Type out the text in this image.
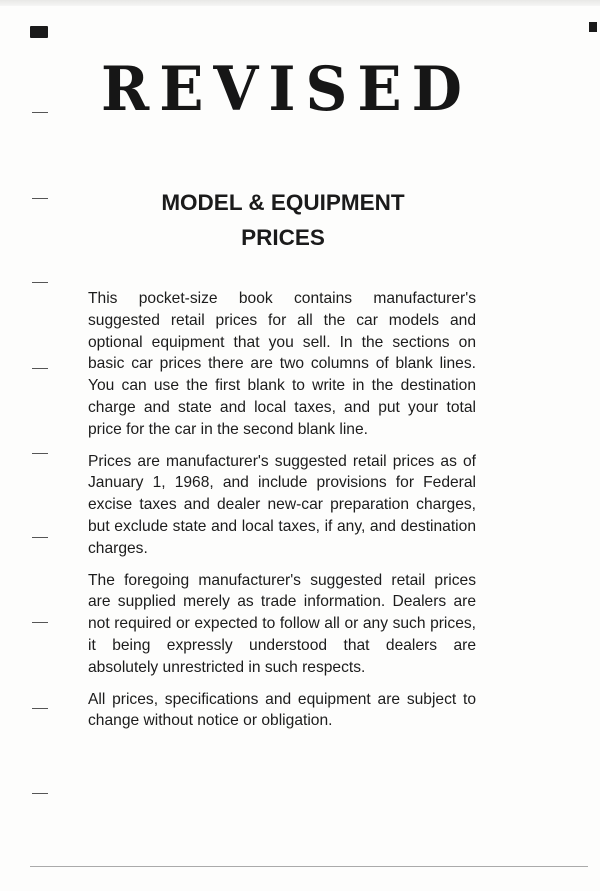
REVISED
MODEL & EQUIPMENT
PRICES

This pocket-size book contains manufacturer's suggested retail prices for all the car models and optional equipment that you sell. In the sections on basic car prices there are two columns of blank lines. You can use the first blank to write in the destination charge and state and local taxes, and put your total price for the car in the second blank line.

Prices are manufacturer's suggested retail prices as of January 1, 1968, and include provisions for Federal excise taxes and dealer new-car preparation charges, but exclude state and local taxes, if any, and destination charges.

The foregoing manufacturer's suggested retail prices are supplied merely as trade information. Dealers are not required or expected to follow all or any such prices, it being expressly understood that dealers are absolutely unrestricted in such respects.

All prices, specifications and equipment are subject to change without notice or obligation.
